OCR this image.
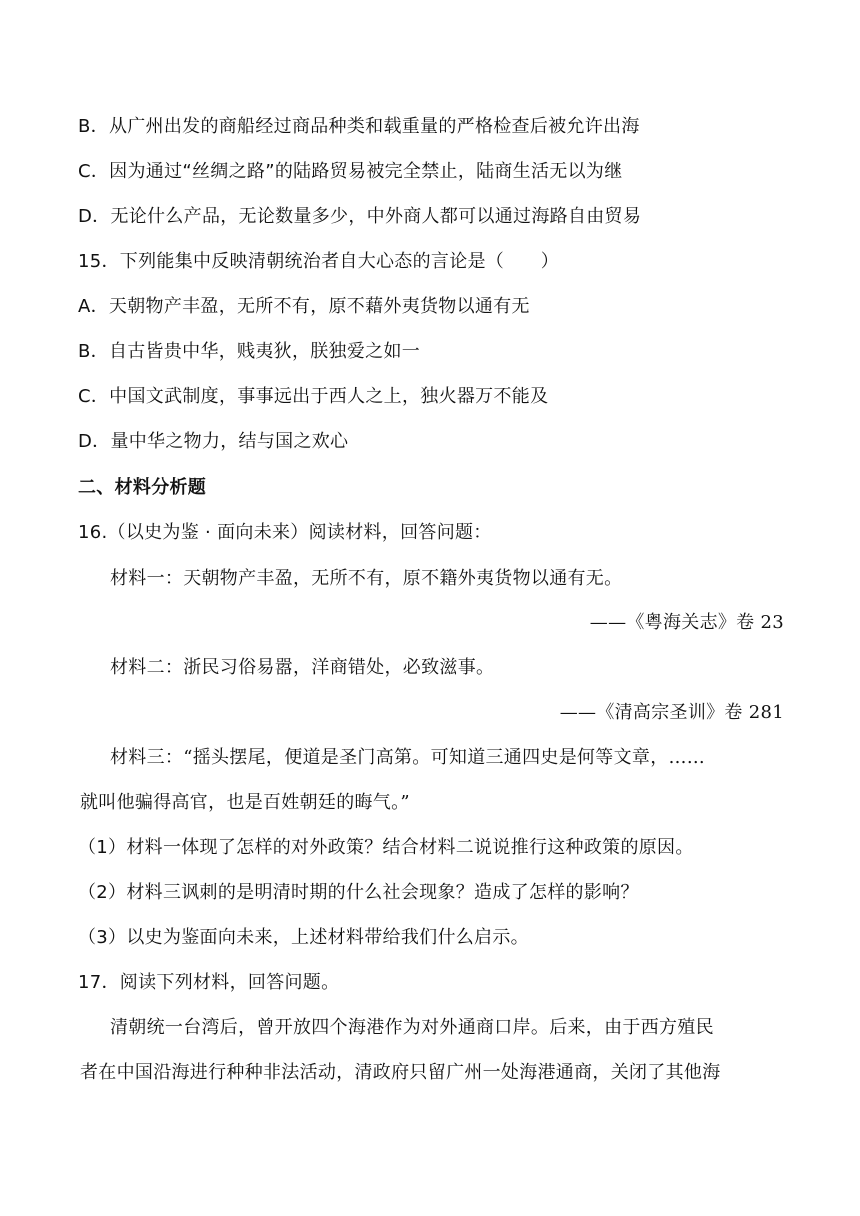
B．从广州出发的商船经过商品种类和载重量的严格检查后被允许出海
C．因为通过“丝绸之路”的陆路贸易被完全禁止，陆商生活无以为继
D．无论什么产品，无论数量多少，中外商人都可以通过海路自由贸易
15．下列能集中反映清朝统治者自大心态的言论是（　　）
A．天朝物产丰盈，无所不有，原不藉外夷货物以通有无
B．自古皆贵中华，贱夷狄，朕独爱之如一
C．中国文武制度，事事远出于西人之上，独火器万不能及
D．量中华之物力，结与国之欢心
二、材料分析题
16.（以史为鉴 · 面向未来）阅读材料，回答问题：
材料一：天朝物产丰盈，无所不有，原不籍外夷货物以通有无。
——《粤海关志》卷 23
材料二：浙民习俗易嚣，洋商错处，必致滋事。
——《清高宗圣训》卷 281
材料三：“摇头摆尾，便道是圣门高第。可知道三通四史是何等文章，……
就叫他骗得高官，也是百姓朝廷的晦气。”
（1）材料一体现了怎样的对外政策？结合材料二说说推行这种政策的原因。
（2）材料三讽刺的是明清时期的什么社会现象？造成了怎样的影响？
（3）以史为鉴面向未来，上述材料带给我们什么启示。
17．阅读下列材料，回答问题。
清朝统一台湾后，曾开放四个海港作为对外通商口岸。后来，由于西方殖民
者在中国沿海进行种种非法活动，清政府只留广州一处海港通商，关闭了其他海
